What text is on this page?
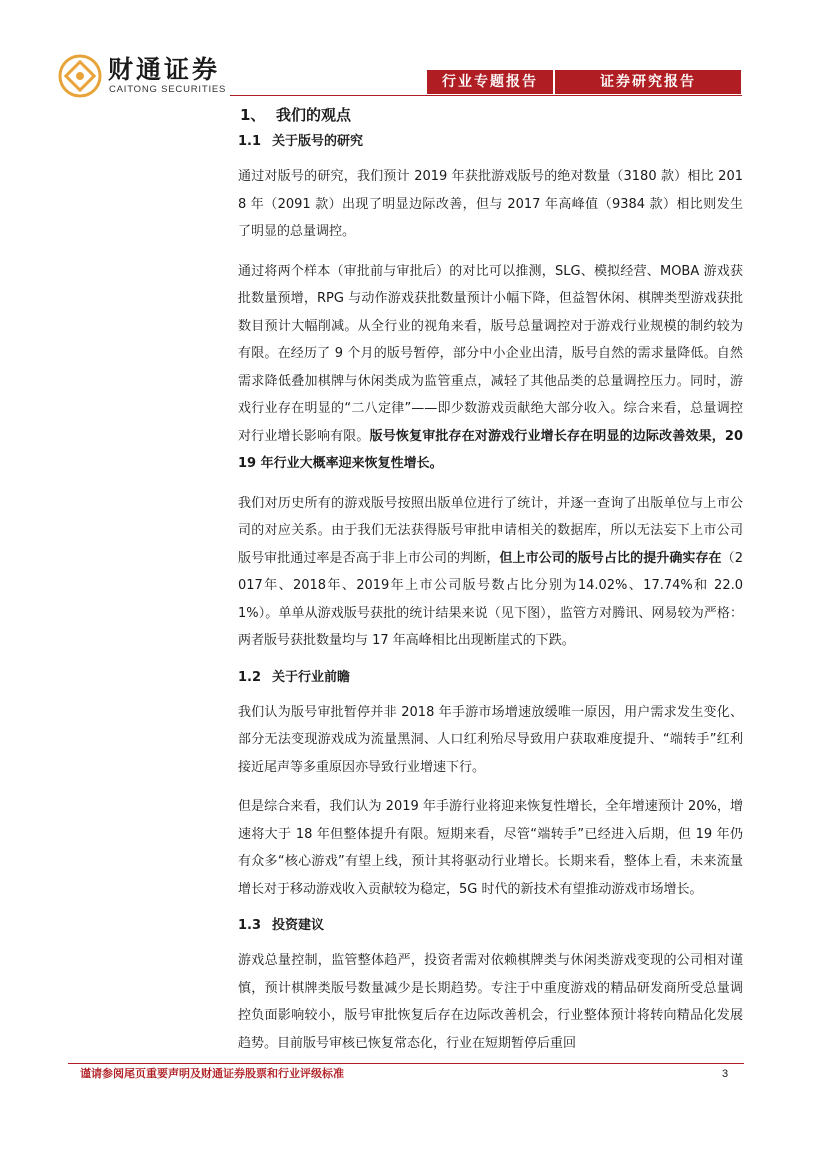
财通证券
CAITONG SECURITIES	行业专题报告	证券研究报告
1、 我们的观点
1.1 关于版号的研究

通过对版号的研究，我们预计 2019 年获批游戏版号的绝对数量（3180 款）相比 2018 年（2091 款）出现了明显边际改善，但与 2017 年高峰值（9384 款）相比则发生了明显的总量调控。

通过将两个样本（审批前与审批后）的对比可以推测，SLG、模拟经营、MOBA 游戏获批数量预增，RPG 与动作游戏获批数量预计小幅下降，但益智休闲、棋牌类型游戏获批数目预计大幅削减。从全行业的视角来看，版号总量调控对于游戏行业规模的制约较为有限。在经历了 9 个月的版号暂停，部分中小企业出清，版号自然的需求量降低。自然需求降低叠加棋牌与休闲类成为监管重点，减轻了其他品类的总量调控压力。同时，游戏行业存在明显的“二八定律”——即少数游戏贡献绝大部分收入。综合来看，总量调控对行业增长影响有限。版号恢复审批存在对游戏行业增长存在明显的边际改善效果，2019 年行业大概率迎来恢复性增长。

我们对历史所有的游戏版号按照出版单位进行了统计，并逐一查询了出版单位与上市公司的对应关系。由于我们无法获得版号审批申请相关的数据库，所以无法妄下上市公司版号审批通过率是否高于非上市公司的判断，但上市公司的版号占比的提升确实存在（2017年、2018年、2019年上市公司版号数占比分别为14.02%、17.74%和 22.01%）。单单从游戏版号获批的统计结果来说（见下图），监管方对腾讯、网易较为严格：两者版号获批数量均与 17 年高峰相比出现断崖式的下跌。

1.2 关于行业前瞻

我们认为版号审批暂停并非 2018 年手游市场增速放缓唯一原因，用户需求发生变化、部分无法变现游戏成为流量黑洞、人口红利殆尽导致用户获取难度提升、“端转手”红利接近尾声等多重原因亦导致行业增速下行。

但是综合来看，我们认为 2019 年手游行业将迎来恢复性增长，全年增速预计 20%，增速将大于 18 年但整体提升有限。短期来看，尽管“端转手”已经进入后期，但 19 年仍有众多“核心游戏”有望上线，预计其将驱动行业增长。长期来看，整体上看，未来流量增长对于移动游戏收入贡献较为稳定，5G 时代的新技术有望推动游戏市场增长。

1.3 投资建议

游戏总量控制，监管整体趋严，投资者需对依赖棋牌类与休闲类游戏变现的公司相对谨慎，预计棋牌类版号数量减少是长期趋势。专注于中重度游戏的精品研发商所受总量调控负面影响较小，版号审批恢复后存在边际改善机会，行业整体预计将转向精品化发展趋势。目前版号审核已恢复常态化，行业在短期暂停后重回

谨请参阅尾页重要声明及财通证券股票和行业评级标准	3
